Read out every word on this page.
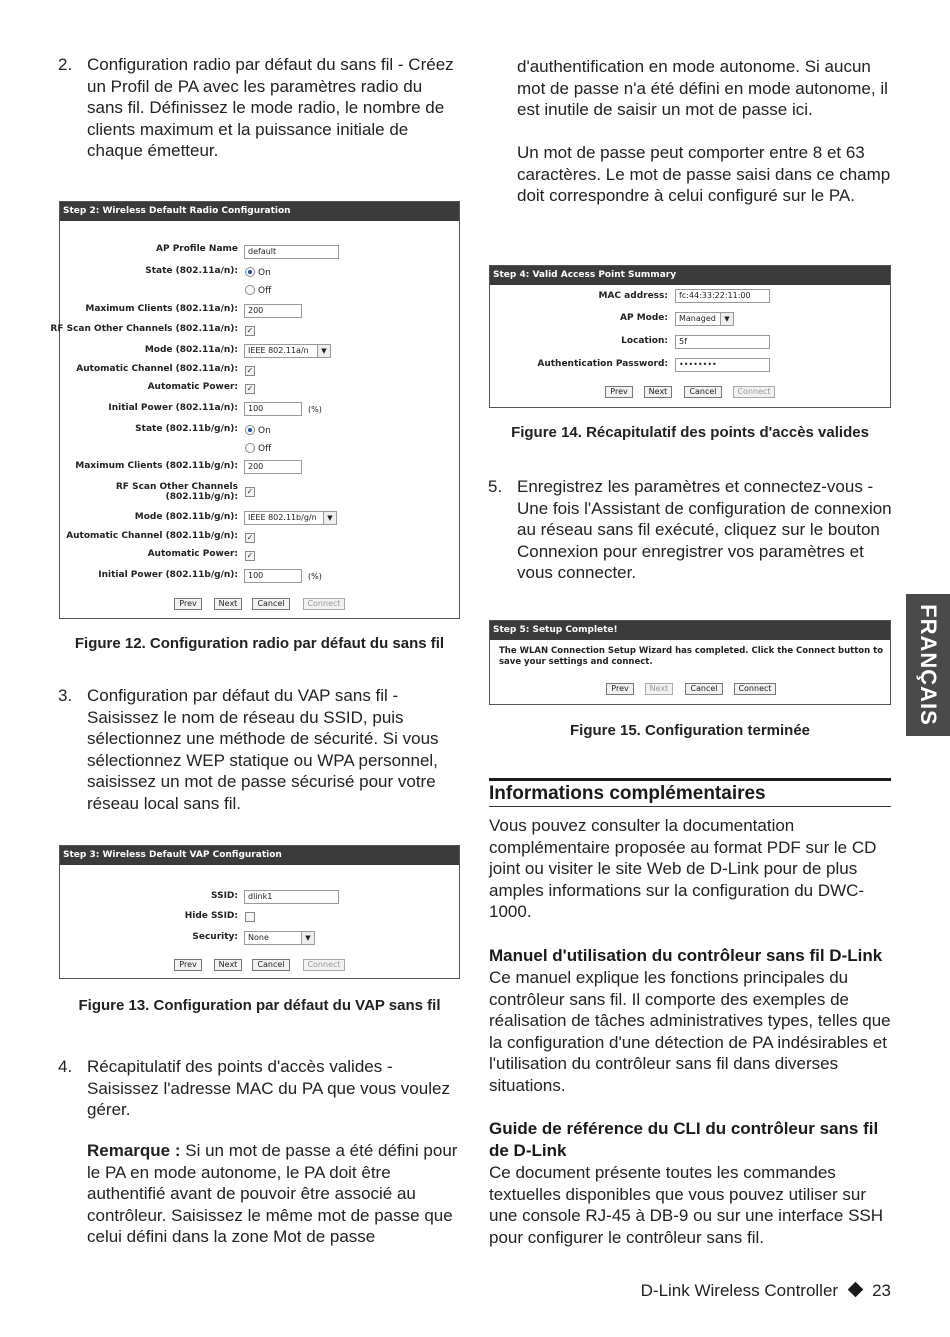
2. Configuration radio par défaut du sans fil - Créez un Profil de PA avec les paramètres radio du sans fil. Définissez le mode radio, le nombre de clients maximum et la puissance initiale de chaque émetteur.
Step 2: Wireless Default Radio Configuration
AP Profile Name	default
State (802.11a/n):	On
Off
Maximum Clients (802.11a/n):	200
RF Scan Other Channels (802.11a/n): ✓
Mode (802.11a/n):	IEEE 802.11a/n	▼
Automatic Channel (802.11a/n): ✓
Automatic Power: ✓
Initial Power (802.11a/n):	100	(%)
State (802.11b/g/n):	On
Off
Maximum Clients (802.11b/g/n):	200
RF Scan Other Channels
(802.11b/g/n):
✓
Mode (802.11b/g/n):	IEEE 802.11b/g/n	▼
Automatic Channel (802.11b/g/n): ✓
Automatic Power: ✓
Initial Power (802.11b/g/n):	100	(%)
Prev	Next	Cancel	Connect
Figure 12. Configuration radio par défaut du sans fil
3. Configuration par défaut du VAP sans fil - Saisissez le nom de réseau du SSID, puis sélectionnez une méthode de sécurité. Si vous sélectionnez WEP statique ou WPA personnel, saisissez un mot de passe sécurisé pour votre réseau local sans fil.
Step 3: Wireless Default VAP Configuration
SSID:	dlink1
Hide SSID:
Security:	None	▼
Prev	Next	Cancel	Connect
Figure 13. Configuration par défaut du VAP sans fil
4. Récapitulatif des points d'accès valides - Saisissez l'adresse MAC du PA que vous voulez gérer.
Remarque : Si un mot de passe a été défini pour le PA en mode autonome, le PA doit être authentifié avant de pouvoir être associé au contrôleur. Saisissez le même mot de passe que celui défini dans la zone Mot de passe
d'authentification en mode autonome. Si aucun mot de passe n'a été défini en mode autonome, il est inutile de saisir un mot de passe ici.
Un mot de passe peut comporter entre 8 et 63 caractères. Le mot de passe saisi dans ce champ doit correspondre à celui configuré sur le PA.
Step 4: Valid Access Point Summary
MAC address:	fc:44:33:22:11:00
AP Mode:	Managed	▼
Location:	5f
Authentication Password:	••••••••
Prev	Next	Cancel	Connect
Figure 14. Récapitulatif des points d'accès valides
5. Enregistrez les paramètres et connectez-vous - Une fois l'Assistant de configuration de connexion au réseau sans fil exécuté, cliquez sur le bouton Connexion pour enregistrer vos paramètres et vous connecter.
Step 5: Setup Complete!
The WLAN Connection Setup Wizard has completed. Click the Connect button to save your settings and connect.
Prev	Next	Cancel	Connect
Figure 15. Configuration terminée
Informations complémentaires
Vous pouvez consulter la documentation complémentaire proposée au format PDF sur le CD joint ou visiter le site Web de D-Link pour de plus amples informations sur la configuration du DWC-1000.
Manuel d'utilisation du contrôleur sans fil D-Link
Ce manuel explique les fonctions principales du contrôleur sans fil. Il comporte des exemples de réalisation de tâches administratives types, telles que la configuration d'une détection de PA indésirables et l'utilisation du contrôleur sans fil dans diverses situations.
Guide de référence du CLI du contrôleur sans fil de D-Link
Ce document présente toutes les commandes textuelles disponibles que vous pouvez utiliser sur une console RJ-45 à DB-9 ou sur une interface SSH pour configurer le contrôleur sans fil.
FRANÇAIS
D-Link Wireless Controller 23
